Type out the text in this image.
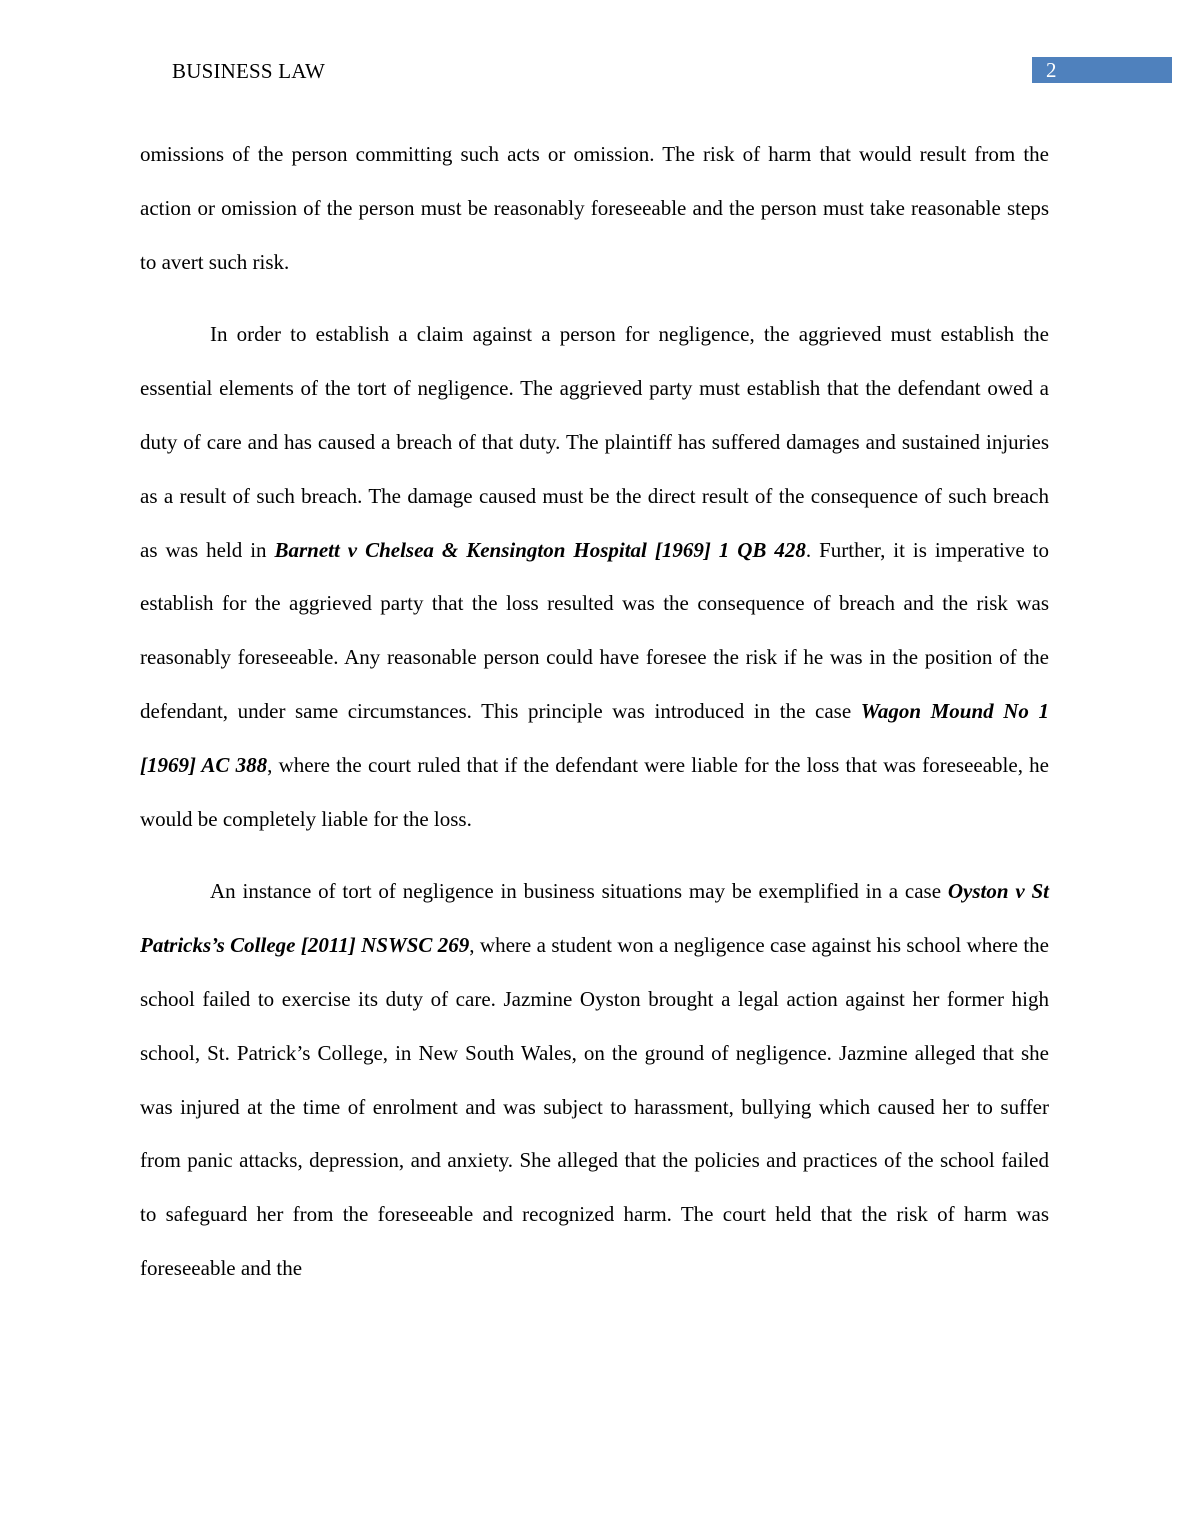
BUSINESS LAW	2

omissions of the person committing such acts or omission. The risk of harm that would result from the action or omission of the person must be reasonably foreseeable and the person must take reasonable steps to avert such risk.

In order to establish a claim against a person for negligence, the aggrieved must establish the essential elements of the tort of negligence. The aggrieved party must establish that the defendant owed a duty of care and has caused a breach of that duty. The plaintiff has suffered damages and sustained injuries as a result of such breach. The damage caused must be the direct result of the consequence of such breach as was held in Barnett v Chelsea & Kensington Hospital [1969] 1 QB 428. Further, it is imperative to establish for the aggrieved party that the loss resulted was the consequence of breach and the risk was reasonably foreseeable. Any reasonable person could have foresee the risk if he was in the position of the defendant, under same circumstances. This principle was introduced in the case Wagon Mound No 1 [1969] AC 388, where the court ruled that if the defendant were liable for the loss that was foreseeable, he would be completely liable for the loss.

An instance of tort of negligence in business situations may be exemplified in a case Oyston v St Patricks’s College [2011] NSWSC 269, where a student won a negligence case against his school where the school failed to exercise its duty of care. Jazmine Oyston brought a legal action against her former high school, St. Patrick’s College, in New South Wales, on the ground of negligence. Jazmine alleged that she was injured at the time of enrolment and was subject to harassment, bullying which caused her to suffer from panic attacks, depression, and anxiety. She alleged that the policies and practices of the school failed to safeguard her from the foreseeable and recognized harm. The court held that the risk of harm was foreseeable and the
